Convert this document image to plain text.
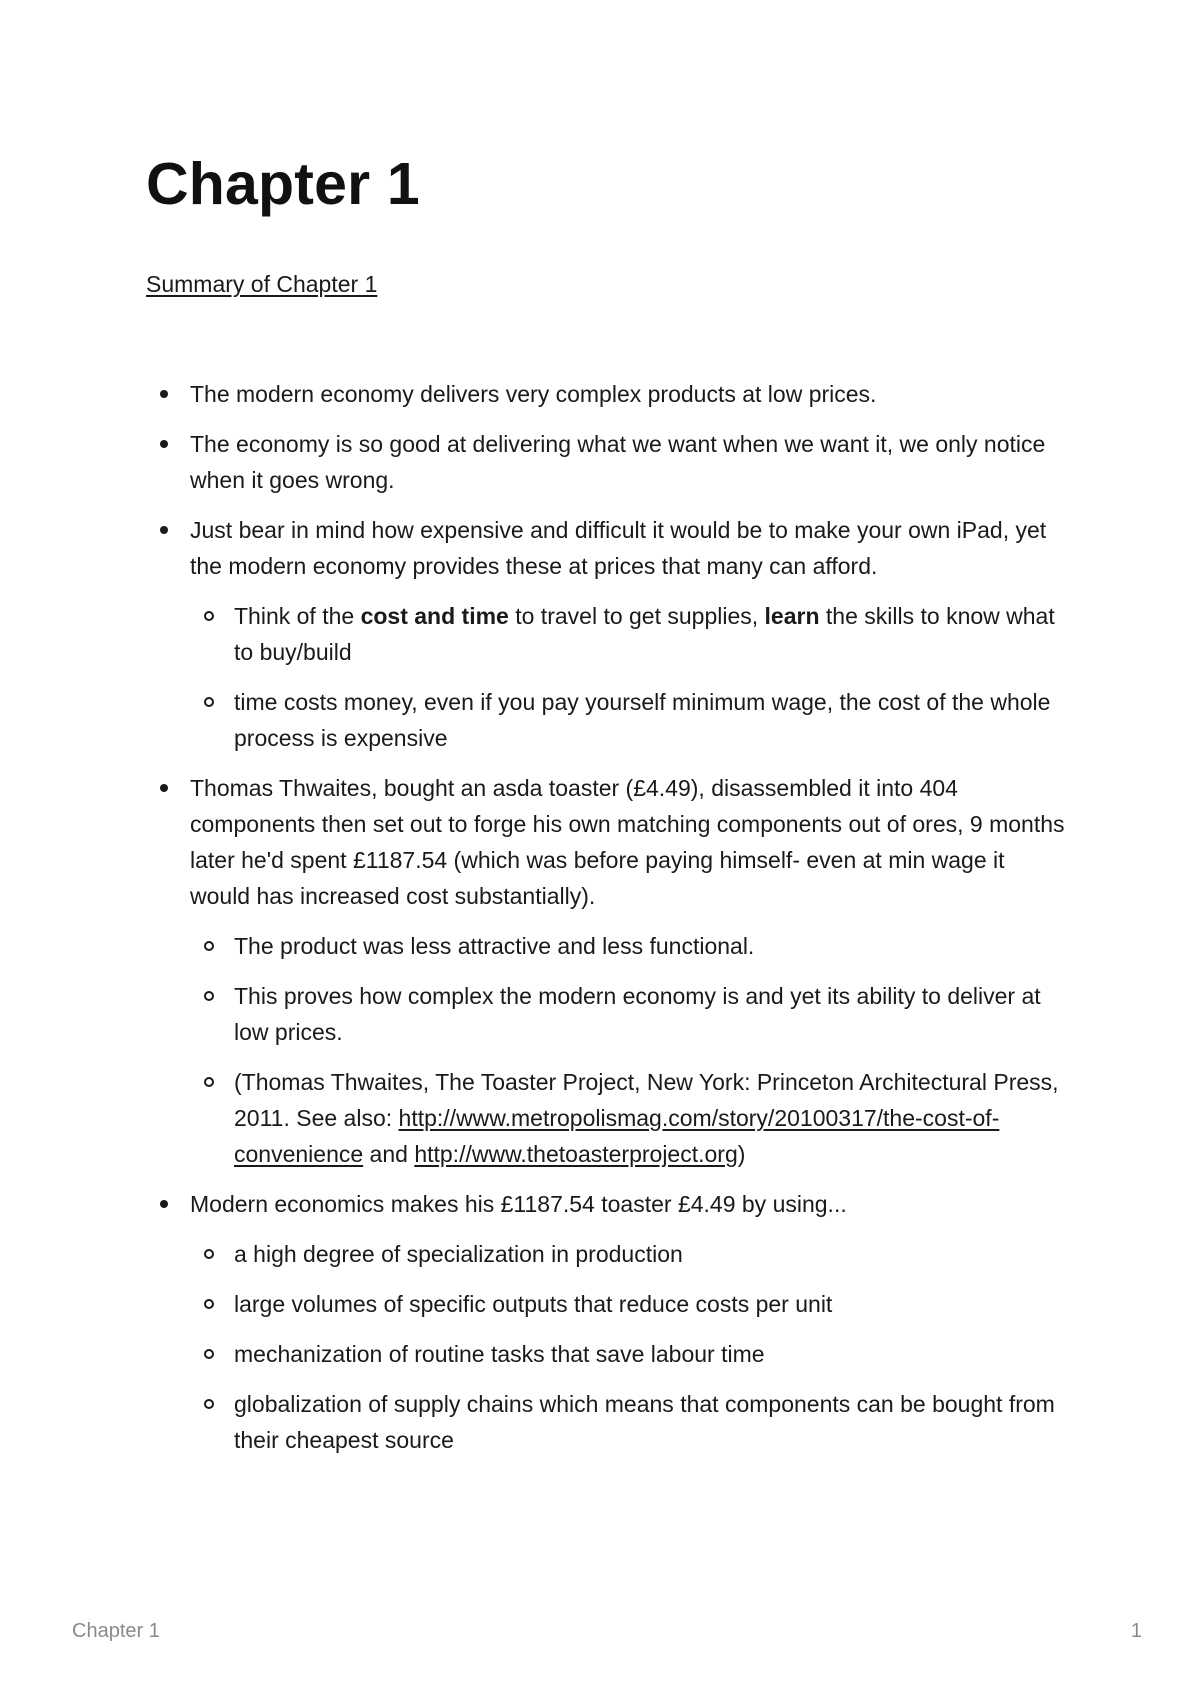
Chapter 1

Summary of Chapter 1

The modern economy delivers very complex products at low prices.
The economy is so good at delivering what we want when we want it, we only notice when it goes wrong.
Just bear in mind how expensive and difficult it would be to make your own iPad, yet the modern economy provides these at prices that many can afford.
Think of the cost and time to travel to get supplies, learn the skills to know what to buy/build
time costs money, even if you pay yourself minimum wage, the cost of the whole process is expensive
Thomas Thwaites, bought an asda toaster (£4.49), disassembled it into 404 components then set out to forge his own matching components out of ores, 9 months later he'd spent £1187.54 (which was before paying himself- even at min wage it would has increased cost substantially).
The product was less attractive and less functional.
This proves how complex the modern economy is and yet its ability to deliver at low prices.
(Thomas Thwaites, The Toaster Project, New York: Princeton Architectural Press, 2011. See also: http://www.metropolismag.com/story/20100317/the-cost-of-convenience and http://www.thetoasterproject.org)
Modern economics makes his £1187.54 toaster £4.49 by using...
a high degree of specialization in production
large volumes of specific outputs that reduce costs per unit
mechanization of routine tasks that save labour time
globalization of supply chains which means that components can be bought from their cheapest source
Chapter 1	1
